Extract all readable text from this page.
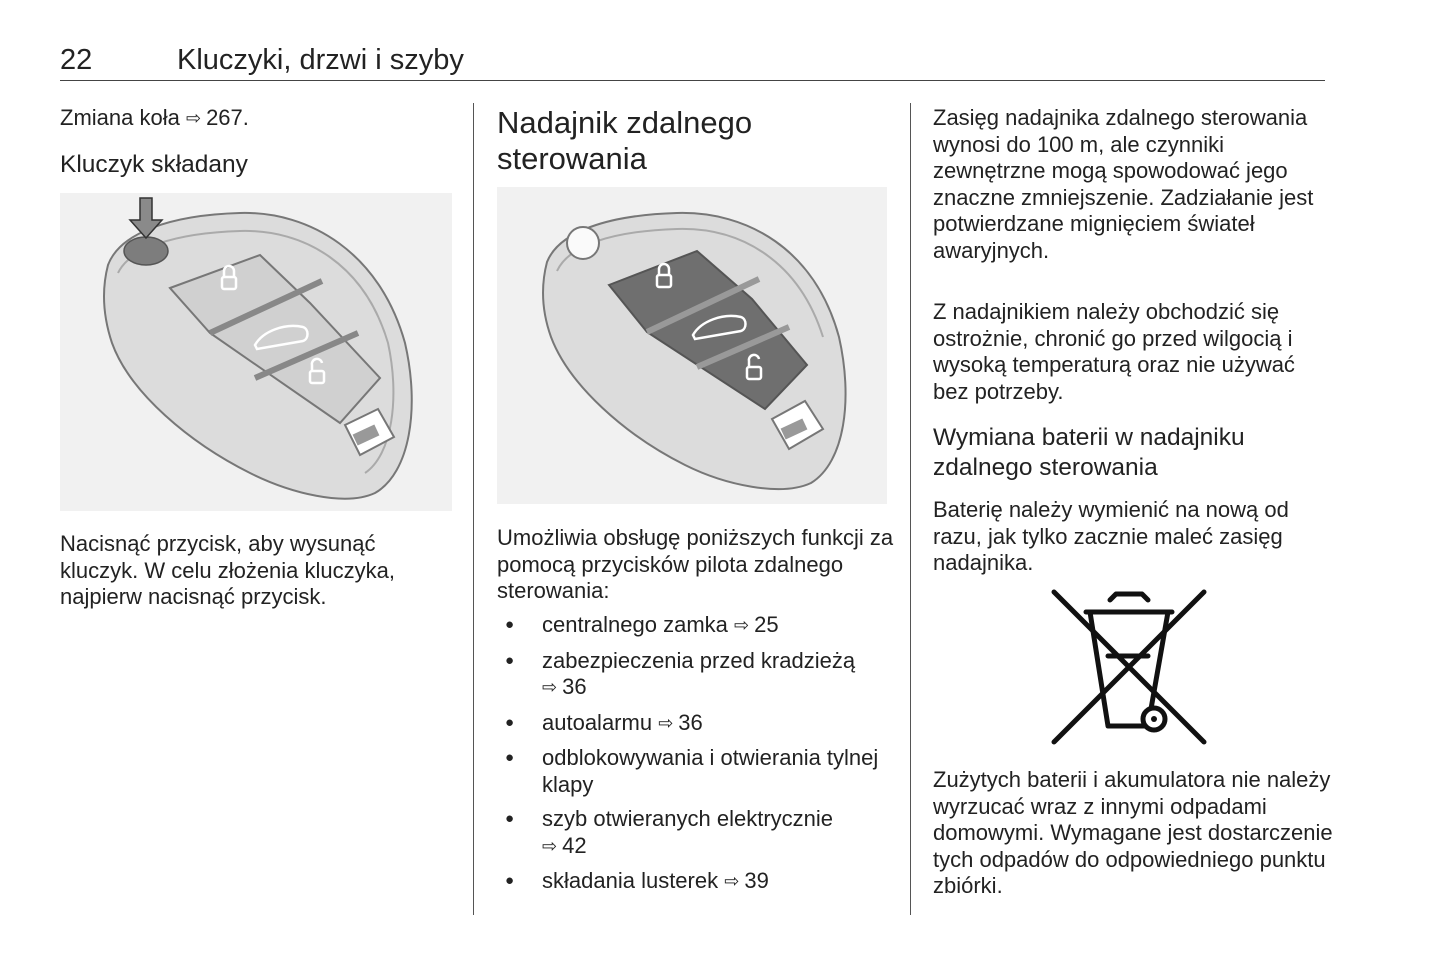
22	Kluczyki, drzwi i szyby

Zmiana koła ⇨ 267.

Kluczyk składany

Nacisnąć przycisk, aby wysunąć kluczyk. W celu złożenia kluczyka, najpierw nacisnąć przycisk.

Nadajnik zdalnego sterowania

Umożliwia obsługę poniższych funkcji za pomocą przycisków pilota zdalnego sterowania:

● centralnego zamka ⇨ 25
● zabezpieczenia przed kradzieżą
⇨ 36
● autoalarmu ⇨ 36
● odblokowywania i otwierania tylnej klapy
● szyb otwieranych elektrycznie
⇨ 42
● składania lusterek ⇨ 39

Zasięg nadajnika zdalnego sterowania wynosi do 100 m, ale czynniki zewnętrzne mogą spowodować jego znaczne zmniejszenie. Zadziałanie jest potwierdzane mignięciem świateł awaryjnych.

Z nadajnikiem należy obchodzić się ostrożnie, chronić go przed wilgocią i wysoką temperaturą oraz nie używać bez potrzeby.

Wymiana baterii w nadajniku zdalnego sterowania

Baterię należy wymienić na nową od razu, jak tylko zacznie maleć zasięg nadajnika.

Zużytych baterii i akumulatora nie należy wyrzucać wraz z innymi odpadami domowymi. Wymagane jest dostarczenie tych odpadów do odpowiedniego punktu zbiórki.
